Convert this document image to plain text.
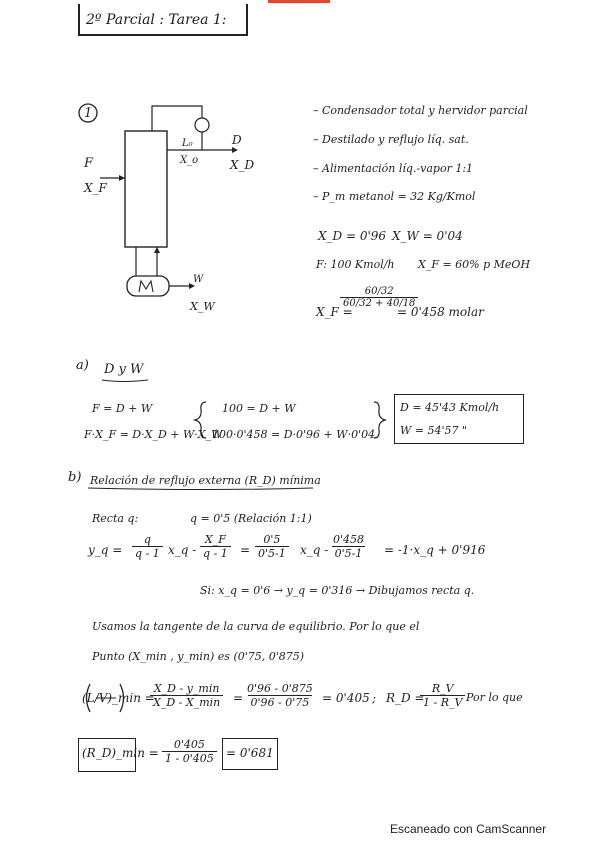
2º Parcial : Tarea 1:
1
F
X_F
L₀	D
X_o	X_D
W
X_W
– Condensador total y hervidor parcial
– Destilado y reflujo líq. sat.
– Alimentación líq.-vapor 1:1
– P_m metanol = 32 Kg/Kmol
X_D = 0'96 X_W = 0'04
F: 100 Kmol/h X_F = 60% p MeOH
X_F =
$\frac{60/32}{60/32 + 40/18}$
= 0'458 molar
a) D y W
F = D + W
F·X_F = D·X_D + W·X_W
100 = D + W
100·0'458 = D·0'96 + W·0'04
D = 45'43 Kmol/h
W = 54'57 "
b) Relación de reflujo externa (R_D) mínima
Recta q:	q = 0'5 (Relación 1:1)
y_q = $\frac{q}{q - 1}$ x_q - $\frac{X\_F}{q - 1} = \frac{0'5}{0'5-1}$ x_q - $\frac{0'458}{0'5-1}$ = -1·x_q + 0'916
Si: x_q = 0'6 → y_q = 0'316 → Dibujamos recta q.
Usamos la tangente de la curva de equilibrio. Por lo que el
Punto (X_min , y_min) es (0'75, 0'875)
(L/V)_min =
X_D - y_min
X_D - X_min = $\frac{0'96 - 0'875}{0'96 - 0'75} = 0'405$ ; R_D =
$\frac{R\_V}{1 - R\_V}$ Por lo que
(R_D)_min = $\frac{0'405}{1 - 0'405} = 0'681$
Escaneado con CamScanner
